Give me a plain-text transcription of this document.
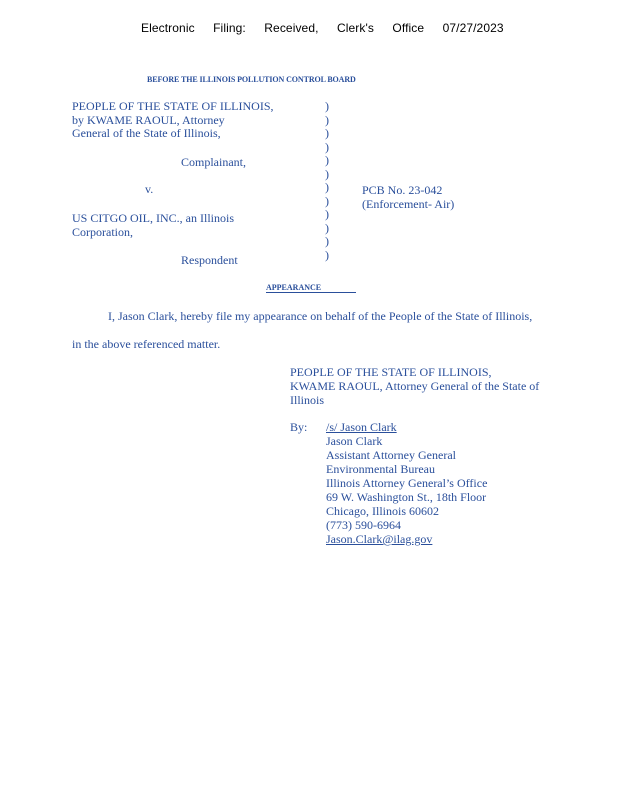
Electronic Filing: Received, Clerk's Office 07/27/2023
BEFORE THE ILLINOIS POLLUTION CONTROL BOARD
PEOPLE OF THE STATE OF ILLINOIS,
by KWAME RAOUL, Attorney
General of the State of Illinois,
Complainant,
v.
US CITGO OIL, INC., an Illinois
Corporation,
Respondent
)
)
)
)
)
)
)
)
)
)
)
)
PCB No. 23-042
(Enforcement- Air)
APPEARANCE
I, Jason Clark, hereby file my appearance on behalf of the People of the State of Illinois,
in the above referenced matter.
PEOPLE OF THE STATE OF ILLINOIS,
KWAME RAOUL, Attorney General of the State of
Illinois
By: /s/ Jason Clark
Jason Clark
Assistant Attorney General
Environmental Bureau
Illinois Attorney General’s Office
69 W. Washington St., 18th Floor
Chicago, Illinois 60602
(773) 590-6964
Jason.Clark@ilag.gov
